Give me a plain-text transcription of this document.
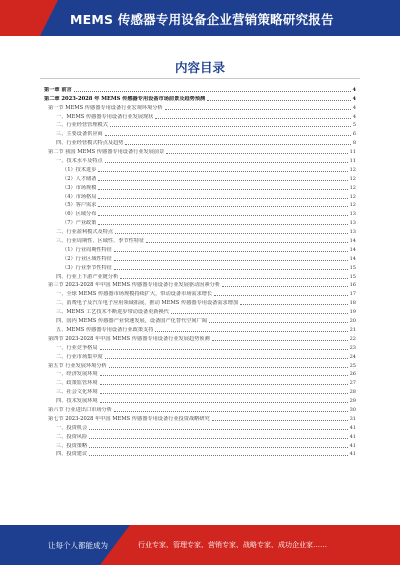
MEMS 传感器专用设备企业营销策略研究报告
内容目录
第一章 前言	4
第二章 2023-2028 年 MEMS 传感器专用设备市场前景及趋势预测	4
第一节 MEMS 传感器专用设备行业宏观环境分析	4
一、MEMS 传感器专用设备行业发展现状	4
二、行业经营管理模式	5
三、主要设备供应商	6
四、行业经营模式特点及趋势	8
第二节 我国 MEMS 传感器专用设备行业发展前景	11
一、技术水平及特点	11
（1）技术进步	12
（2）人才储备	12
（3）市场规模	12
（4）市场格局	12
（5）客户需求	12
（6）区域分布	13
（7）产业政策	13
二、行业盈利模式及特点	13
三、行业周期性、区域性、季节性特征	14
（1）行业周期性特征	14
（2）行业区域性特征	14
（3）行业季节性特征	15
四、行业上下游产业链分析	15
第三节 2023-2028 年中国 MEMS 传感器专用设备行业发展驱动因素分析	16
一、全球 MEMS 传感器市场规模持续扩大，带动设备市场需求增长	17
二、消费电子及汽车电子应用领域拓展，推动 MEMS 传感器专用设备需求增加	18
三、MEMS 工艺技术不断进步带动设备更新换代	19
四、国内 MEMS 传感器产业快速发展，设备国产化替代空间广阔	20
五、MEMS 传感器专用设备行业政策支持	21
第四节 2023-2028 年中国 MEMS 传感器专用设备行业发展趋势预测	22
一、行业竞争格局	23
二、行业市场集中度	24
第五节 行业发展环境分析	25
一、经济发展环境	26
二、政策监管环境	27
三、社会文化环境	28
四、技术发展环境	29
第六节 行业进出口市场分析	30
第七节 2023-2028 年中国 MEMS 传感器专用设备行业投资战略研究	31
一、投资机会	41
二、投资风险	41
三、投资策略	41
四、投资建议	41
让每个人都能成为	行业专家、管理专家、营销专家、战略专家、成功企业家……
